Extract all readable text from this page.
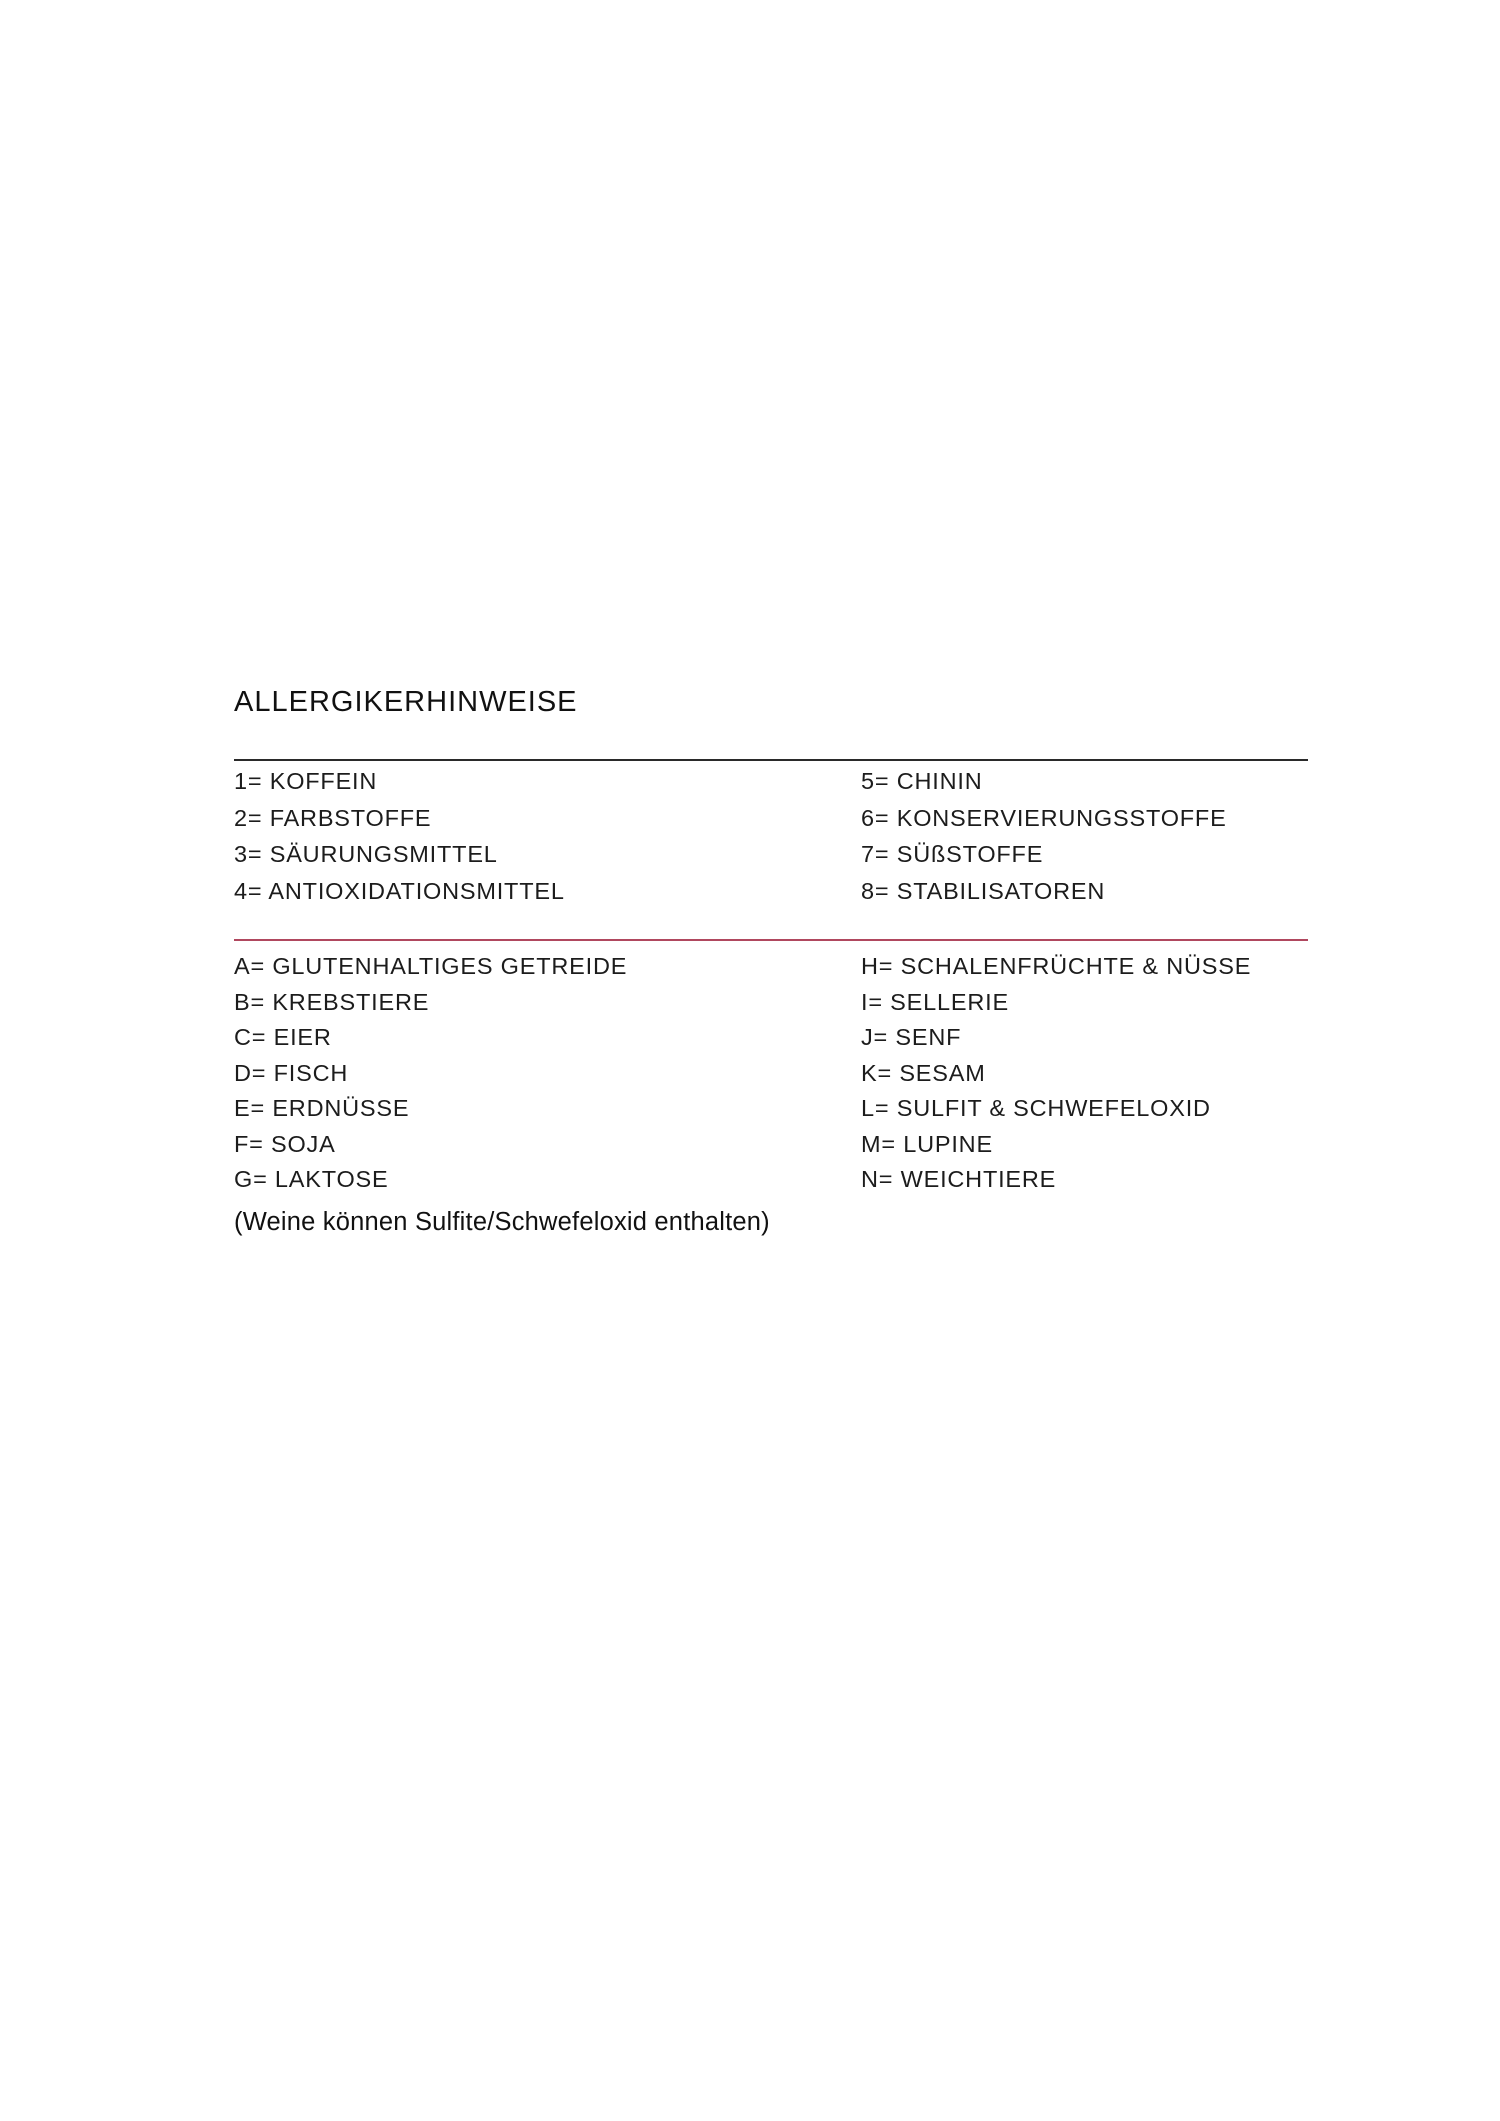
ALLERGIKERHINWEISE
1= KOFFEIN
2= FARBSTOFFE
3= SÄURUNGSMITTEL
4= ANTIOXIDATIONSMITTEL
5= CHININ
6= KONSERVIERUNGSSTOFFE
7= SÜßSTOFFE
8= STABILISATOREN
A= GLUTENHALTIGES GETREIDE
B= KREBSTIERE
C= EIER
D= FISCH
E= ERDNÜSSE
F= SOJA
G= LAKTOSE
H= SCHALENFRÜCHTE & NÜSSE
I= SELLERIE
J= SENF
K= SESAM
L= SULFIT & SCHWEFELOXID
M= LUPINE
N= WEICHTIERE

(Weine können Sulfite/Schwefeloxid enthalten)
